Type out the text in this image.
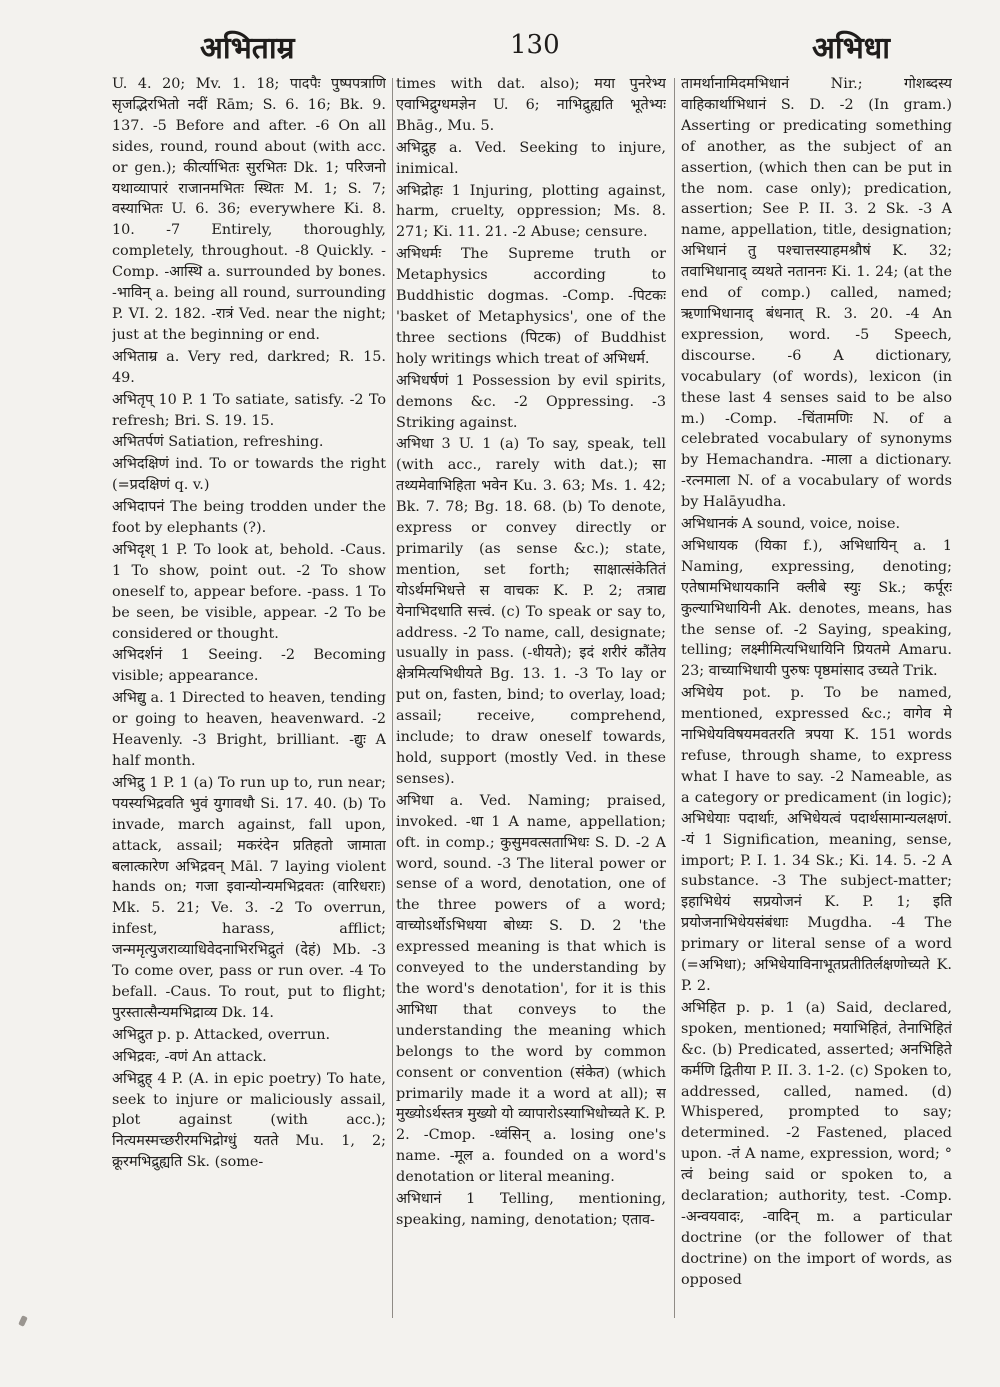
अभिताम्र	130	अभिधा

U. 4. 20; Mv. 1. 18; पादपैः पुष्पपत्राणि सृजद्भिरभितो नदीं Rām; S. 6. 16; Bk. 9. 137. -5 Before and after. -6 On all sides, round, round about (with acc. or gen.); कीर्त्याभितः सुरभितः Dk. 1; परिजनो यथाव्यापारं राजानमभितः स्थितः M. 1; S. 7; वस्याभितः U. 6. 36; everywhere Ki. 8. 10. -7 Entirely, thoroughly, completely, throughout. -8 Quickly. -Comp. -आस्थि a. surrounded by bones. -भाविन् a. being all round, surrounding P. VI. 2. 182. -रात्रं Ved. near the night; just at the beginning or end.

अभिताम्र a. Very red, darkred; R. 15. 49.

अभितृप् 10 P. 1 To satiate, satisfy. -2 To refresh; Bri. S. 19. 15.

अभितर्पणं Satiation, refreshing.

अभिदक्षिणं ind. To or towards the right (=प्रदक्षिणं q. v.)

अभिदापनं The being trodden under the foot by elephants (?).

अभिदृश् 1 P. To look at, behold. -Caus. 1 To show, point out. -2 To show oneself to, appear before. -pass. 1 To be seen, be visible, appear. -2 To be considered or thought.

अभिदर्शनं 1 Seeing. -2 Becoming visible; appearance.

अभिद्यु a. 1 Directed to heaven, tending or going to heaven, heavenward. -2 Heavenly. -3 Bright, brilliant. -द्युः A half month.

अभिद्रु 1 P. 1 (a) To run up to, run near; पयस्यभिद्रवति भुवं युगावधौ Si. 17. 40. (b) To invade, march against, fall upon, attack, assail; मकरंदेन प्रतिहतो जामाता बलात्कारेण अभिद्रवन् Māl. 7 laying violent hands on; गजा इवान्योन्यमभिद्रवतः (वारिधराः) Mk. 5. 21; Ve. 3. -2 To overrun, infest, harass, afflict; जन्ममृत्युजराव्याधिवेदनाभिरभिद्रुतं (देहं) Mb. -3 To come over, pass or run over. -4 To befall. -Caus. To rout, put to flight; पुरस्तात्सैन्यमभिद्राव्य Dk. 14.

अभिद्रुत p. p. Attacked, overrun.

अभिद्रवः, -वणं An attack.

अभिद्रुह् 4 P. (A. in epic poetry) To hate, seek to injure or maliciously assail, plot against (with acc.); नित्यमस्मच्छरीरमभिद्रोग्धुं यतते Mu. 1, 2; क्रूरमभिद्रुह्यति Sk. (some-

times with dat. also); मया पुनरेभ्य एवाभिद्रुग्धमज्ञेन U. 6; नाभिद्रुह्यति भूतेभ्यः Bhāg., Mu. 5.

अभिद्रुह a. Ved. Seeking to injure, inimical.

अभिद्रोहः 1 Injuring, plotting against, harm, cruelty, oppression; Ms. 8. 271; Ki. 11. 21. -2 Abuse; censure.

अभिधर्मः The Supreme truth or Metaphysics according to Buddhistic dogmas. -Comp. -पिटकः 'basket of Metaphysics', one of the three sections (पिटक) of Buddhist holy writings which treat of अभिधर्म.

अभिधर्षणं 1 Possession by evil spirits, demons &c. -2 Oppressing. -3 Striking against.

अभिधा 3 U. 1 (a) To say, speak, tell (with acc., rarely with dat.); सा तथ्यमेवाभिहिता भवेन Ku. 3. 63; Ms. 1. 42; Bk. 7. 78; Bg. 18. 68. (b) To denote, express or convey directly or primarily (as sense &c.); state, mention, set forth; साक्षात्संकेतितं योऽर्थमभिधत्ते स वाचकः K. P. 2; तत्राद्य येनाभिदधाति सत्त्वं. (c) To speak or say to, address. -2 To name, call, designate; usually in pass. (-धीयते); इदं शरीरं कौंतेय क्षेत्रमित्यभिधीयते Bg. 13. 1. -3 To lay or put on, fasten, bind; to overlay, load; assail; receive, comprehend, include; to draw oneself towards, hold, support (mostly Ved. in these senses).

अभिधा a. Ved. Naming; praised, invoked. -धा 1 A name, appellation; oft. in comp.; कुसुमवत्सताभिधः S. D. -2 A word, sound. -3 The literal power or sense of a word, denotation, one of the three powers of a word; वाच्योऽर्थोऽभिधया बोध्यः S. D. 2 'the expressed meaning is that which is conveyed to the understanding by the word's denotation', for it is this आभिधा that conveys to the understanding the meaning which belongs to the word by common consent or convention (संकेत) (which primarily made it a word at all); स मुख्योऽर्थस्तत्र मुख्यो यो व्यापारोऽस्याभिधोच्यते K. P. 2. -Cmop. -ध्वंसिन् a. losing one's name. -मूल a. founded on a word's denotation or literal meaning.

अभिधानं 1 Telling, mentioning, speaking, naming, denotation; एताव-

तामर्थानामिदमभिधानं Nir.; गोशब्दस्य वाहिकार्थाभिधानं S. D. -2 (In gram.) Asserting or predicating something of another, as the subject of an assertion, (which then can be put in the nom. case only); predication, assertion; See P. II. 3. 2 Sk. -3 A name, appellation, title, designation; अभिधानं तु पश्चात्तस्याहमश्रौषं K. 32; तवाभिधानाद् व्यथते नताननः Ki. 1. 24; (at the end of comp.) called, named; ऋणाभिधानाद् बंधनात् R. 3. 20. -4 An expression, word. -5 Speech, discourse. -6 A dictionary, vocabulary (of words), lexicon (in these last 4 senses said to be also m.) -Comp. -चिंतामणिः N. of a celebrated vocabulary of synonyms by Hemachandra. -माला a dictionary. -रत्नमाला N. of a vocabulary of words by Halāyudha.

अभिधानकं A sound, voice, noise.

अभिधायक (यिका f.), अभिधायिन् a. 1 Naming, expressing, denoting; एतेषामभिधायकानि क्लीबे स्युः Sk.; कर्पूरः कुल्याभिधायिनी Ak. denotes, means, has the sense of. -2 Saying, speaking, telling; लक्ष्मीमित्यभिधायिनि प्रियतमे Amaru. 23; वाच्याभिधायी पुरुषः पृष्ठमांसाद उच्यते Trik.

अभिधेय pot. p. To be named, mentioned, expressed &c.; वागेव मे नाभिधेयविषयमवतरति त्रपया K. 151 words refuse, through shame, to express what I have to say. -2 Nameable, as a category or predicament (in logic); अभिधेयाः पदार्थाः, अभिधेयत्वं पदार्थसामान्यलक्षणं. -यं 1 Signification, meaning, sense, import; P. I. 1. 34 Sk.; Ki. 14. 5. -2 A substance. -3 The subject-matter; इहाभिधेयं सप्रयोजनं K. P. 1; इति प्रयोजनाभिधेयसंबंधाः Mugdha. -4 The primary or literal sense of a word (=अभिधा); अभिधेयाविनाभूतप्रतीतिर्लक्षणोच्यते K. P. 2.

अभिहित p. p. 1 (a) Said, declared, spoken, mentioned; मयाभिहितं, तेनाभिहितं &c. (b) Predicated, asserted; अनभिहिते कर्मणि द्वितीया P. II. 3. 1-2. (c) Spoken to, addressed, called, named. (d) Whispered, prompted to say; determined. -2 Fastened, placed upon. -तं A name, expression, word; ° त्वं being said or spoken to, a declaration; authority, test. -Comp. -अन्वयवादः, -वादिन् m. a particular doctrine (or the follower of that doctrine) on the import of words, as opposed
